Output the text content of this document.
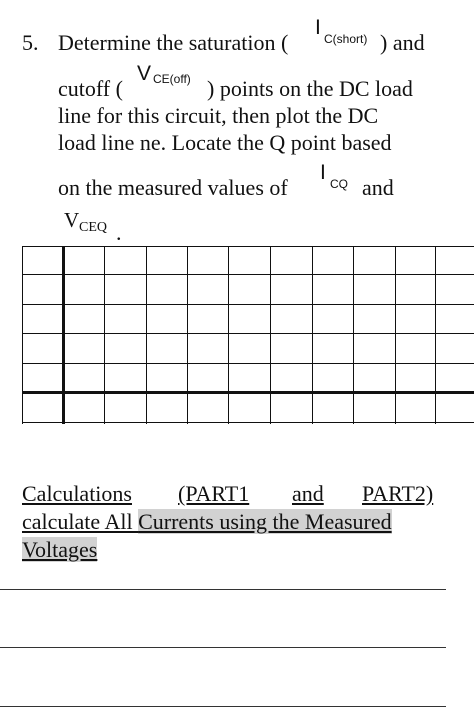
5. Determine the saturation (
I C(short) ) and
cutoff (
V CE(off) ) points on the DC load
line for this circuit, then plot the DC
load line ne. Locate the Q point based
on the measured values of
I CQ and
V CEQ .
Calculations (PART1 and PART2)
calculate All Currents using the Measured
Voltages
